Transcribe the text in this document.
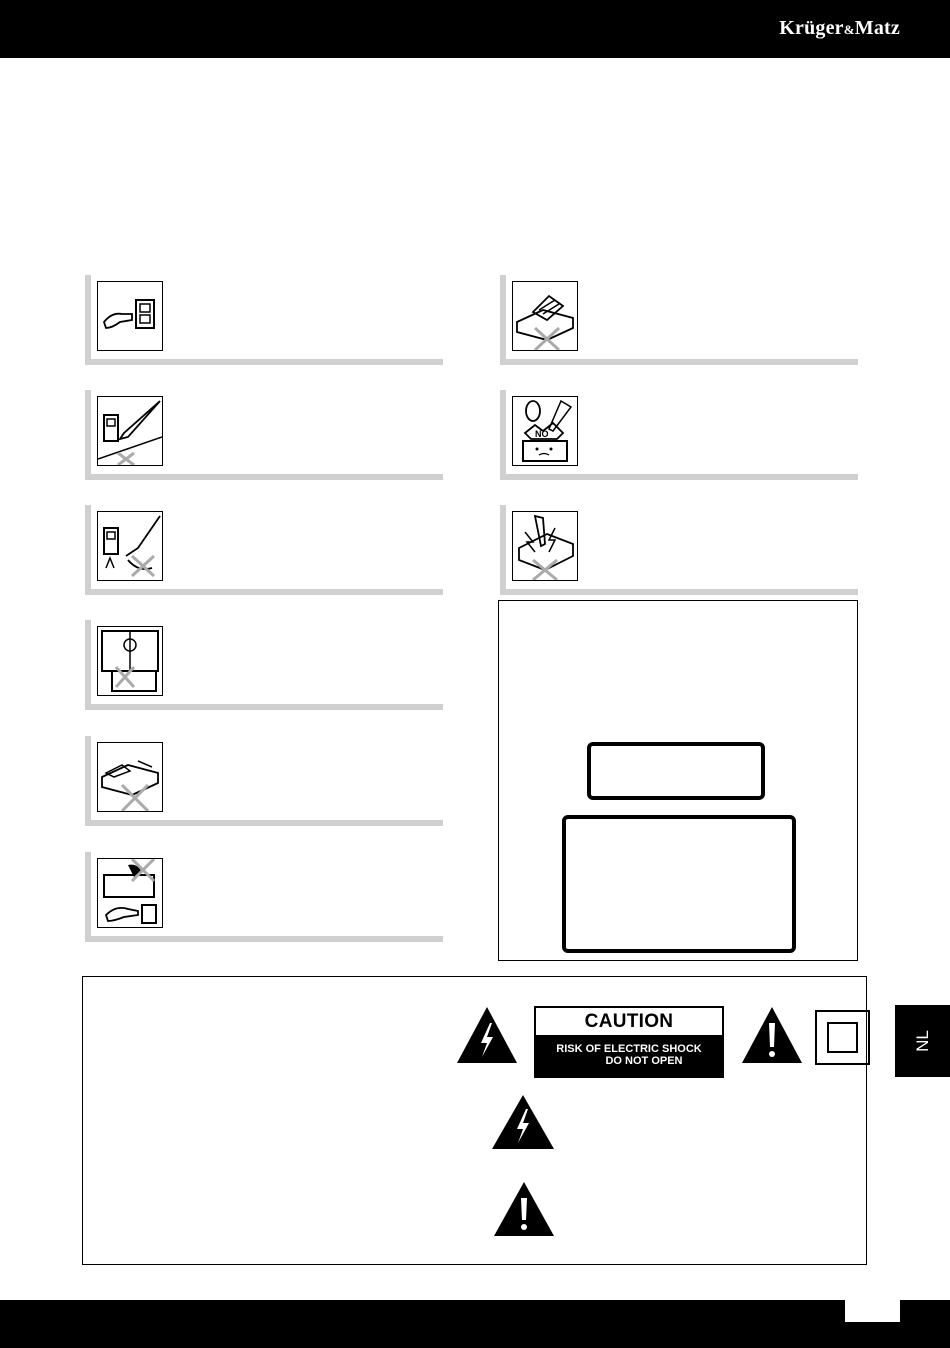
Krüger&Matz
NO
CAUTION
RISK OF ELECTRIC SHOCK
DO NOT OPEN
NL
